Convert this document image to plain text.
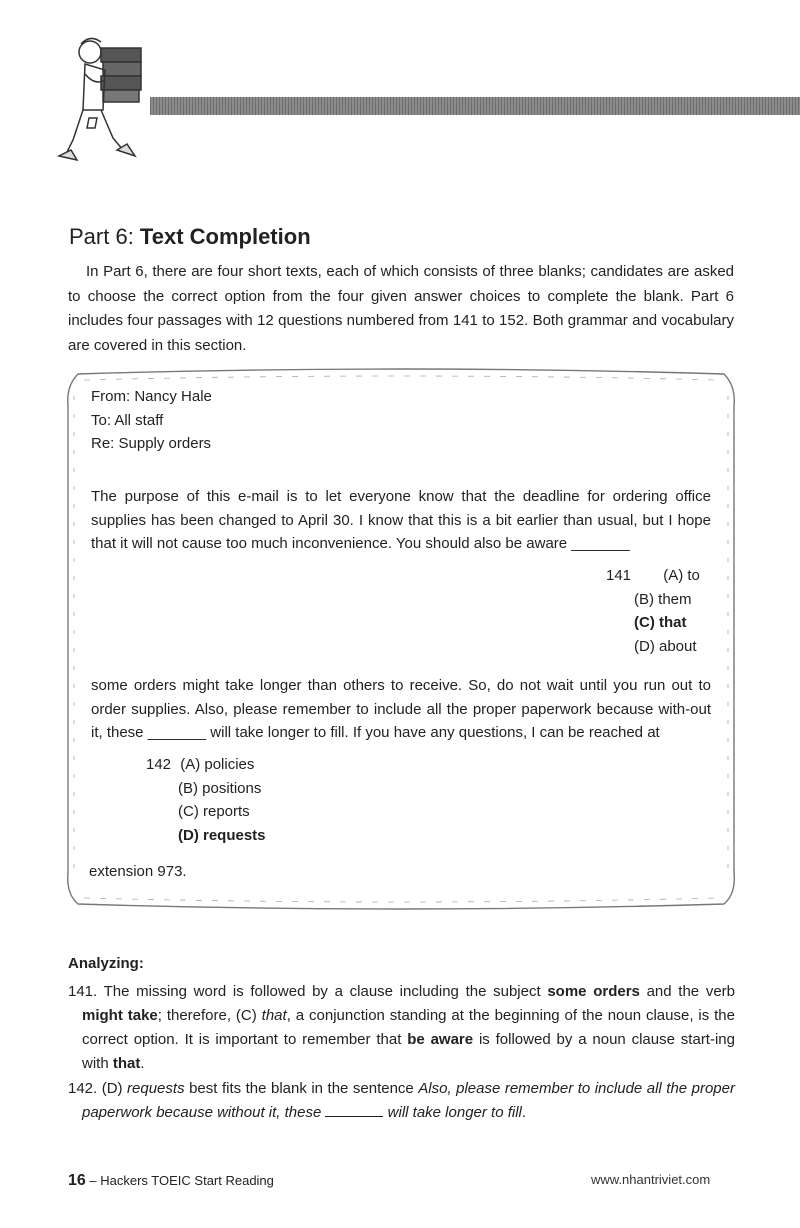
Part 6: Text Completion

In Part 6, there are four short texts, each of which consists of three blanks; candidates are asked to choose the correct option from the four given answer choices to complete the blank. Part 6 includes four passages with 12 questions numbered from 141 to 152. Both grammar and vocabulary are covered in this section.

From: Nancy Hale
To: All staff
Re: Supply orders

The purpose of this e-mail is to let everyone know that the deadline for ordering office supplies has been changed to April 30. I know that this is a bit earlier than usual, but I hope that it will not cause too much inconvenience. You should also be aware _______

141 (A) to
(B) them
(C) that
(D) about

some orders might take longer than others to receive. So, do not wait until you run out to order supplies. Also, please remember to include all the proper paperwork because with-out it, these _______ will take longer to fill. If you have any questions, I can be reached at

142 (A) policies
(B) positions
(C) reports
(D) requests
extension 973.
Analyzing:

141. The missing word is followed by a clause including the subject some orders and the verb might take; therefore, (C) that, a conjunction standing at the beginning of the noun clause, is the correct option. It is important to remember that be aware is followed by a noun clause start-ing with that.

142. (D) requests best fits the blank in the sentence Also, please remember to include all the proper paperwork because without it, these	will take longer to fill.

16 – Hackers TOEIC Start Reading	www.nhantriviet.com
